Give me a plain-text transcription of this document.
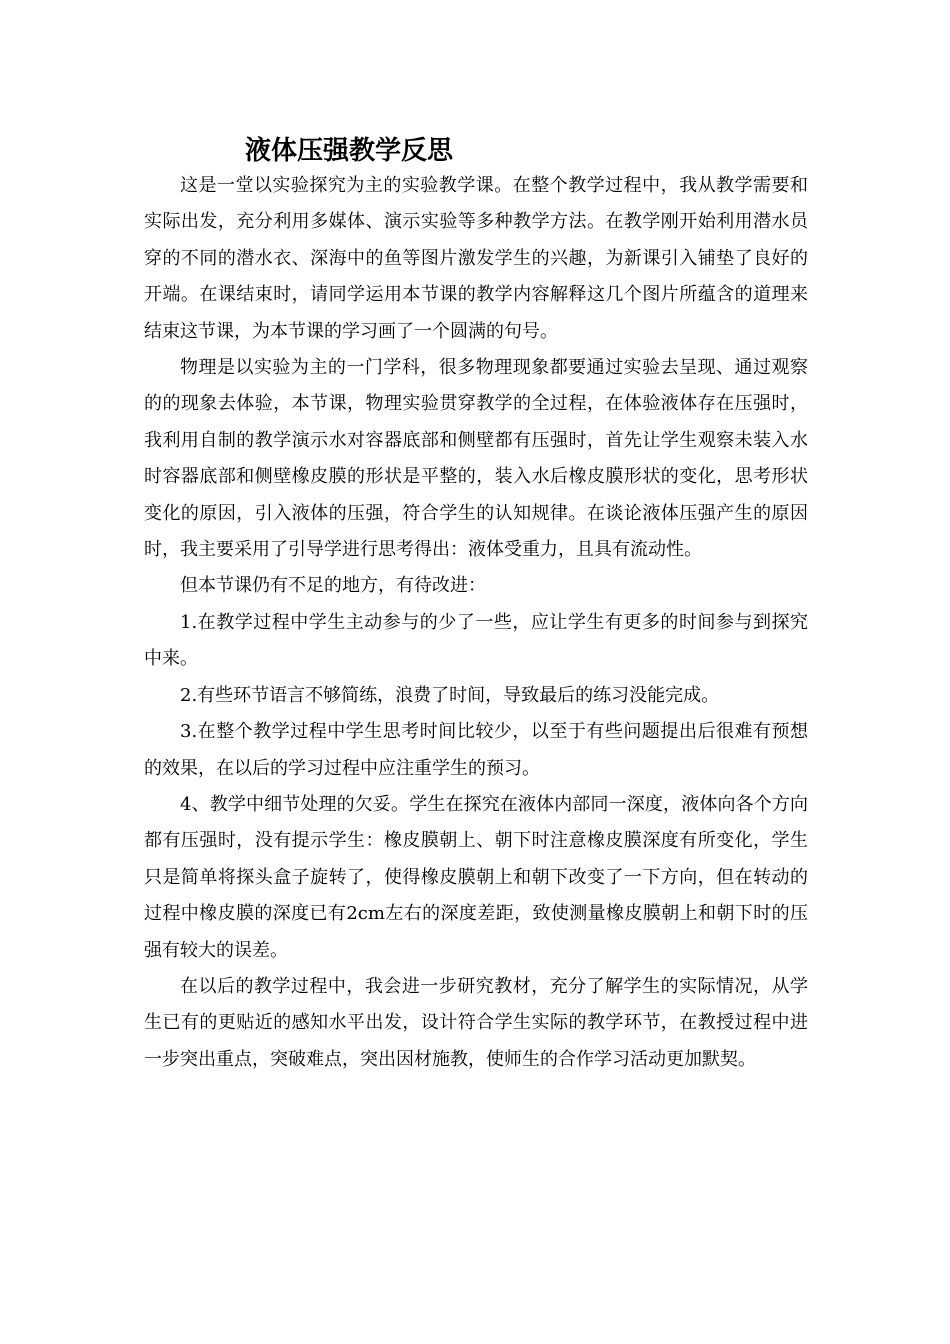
液体压强教学反思

这是一堂以实验探究为主的实验教学课。在整个教学过程中，我从教学需要和实际出发，充分利用多媒体、演示实验等多种教学方法。在教学刚开始利用潜水员穿的不同的潜水衣、深海中的鱼等图片激发学生的兴趣，为新课引入铺垫了良好的开端。在课结束时，请同学运用本节课的教学内容解释这几个图片所蕴含的道理来结束这节课，为本节课的学习画了一个圆满的句号。

物理是以实验为主的一门学科，很多物理现象都要通过实验去呈现、通过观察的的现象去体验，本节课，物理实验贯穿教学的全过程，在体验液体存在压强时，我利用自制的教学演示水对容器底部和侧壁都有压强时，首先让学生观察未装入水时容器底部和侧壁橡皮膜的形状是平整的，装入水后橡皮膜形状的变化，思考形状变化的原因，引入液体的压强，符合学生的认知规律。在谈论液体压强产生的原因时，我主要采用了引导学进行思考得出：液体受重力，且具有流动性。

但本节课仍有不足的地方，有待改进：

1.在教学过程中学生主动参与的少了一些，应让学生有更多的时间参与到探究中来。

2.有些环节语言不够简练，浪费了时间，导致最后的练习没能完成。

3.在整个教学过程中学生思考时间比较少，以至于有些问题提出后很难有预想的效果，在以后的学习过程中应注重学生的预习。

4、教学中细节处理的欠妥。学生在探究在液体内部同一深度，液体向各个方向都有压强时，没有提示学生：橡皮膜朝上、朝下时注意橡皮膜深度有所变化，学生只是简单将探头盒子旋转了，使得橡皮膜朝上和朝下改变了一下方向，但在转动的过程中橡皮膜的深度已有2cm左右的深度差距，致使测量橡皮膜朝上和朝下时的压强有较大的误差。

在以后的教学过程中，我会进一步研究教材，充分了解学生的实际情况，从学生已有的更贴近的感知水平出发，设计符合学生实际的教学环节，在教授过程中进一步突出重点，突破难点，突出因材施教，使师生的合作学习活动更加默契。
